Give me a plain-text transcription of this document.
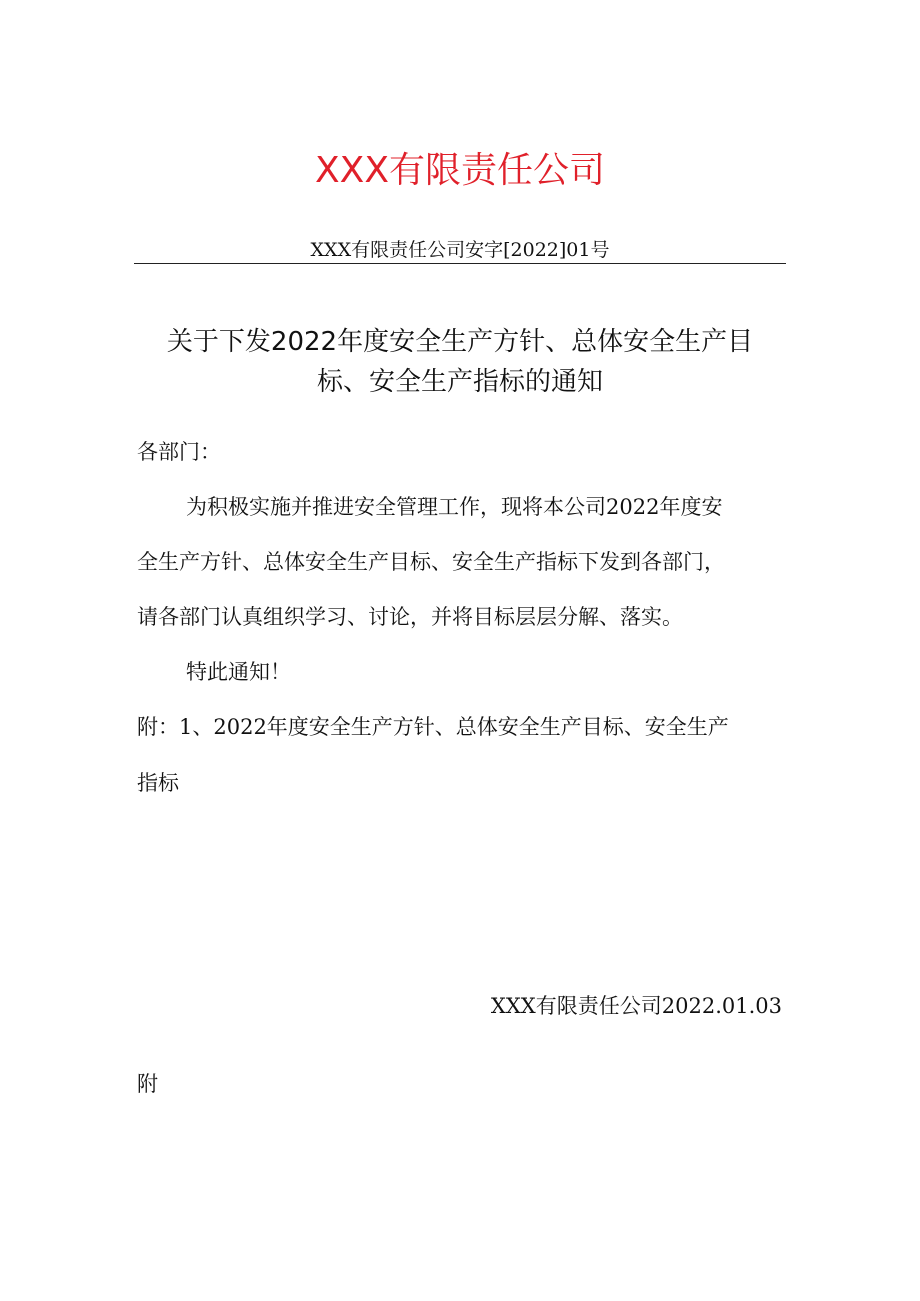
XXX有限责任公司
XXX有限责任公司安字[2022]01号
关于下发2022年度安全生产方针、总体安全生产目
标、安全生产指标的通知
各部门：
为积极实施并推进安全管理工作，现将本公司2022年度安
全生产方针、总体安全生产目标、安全生产指标下发到各部门，
请各部门认真组织学习、讨论，并将目标层层分解、落实。
特此通知！
附：1、2022年度安全生产方针、总体安全生产目标、安全生产
指标
XXX有限责任公司2022.01.03
附
